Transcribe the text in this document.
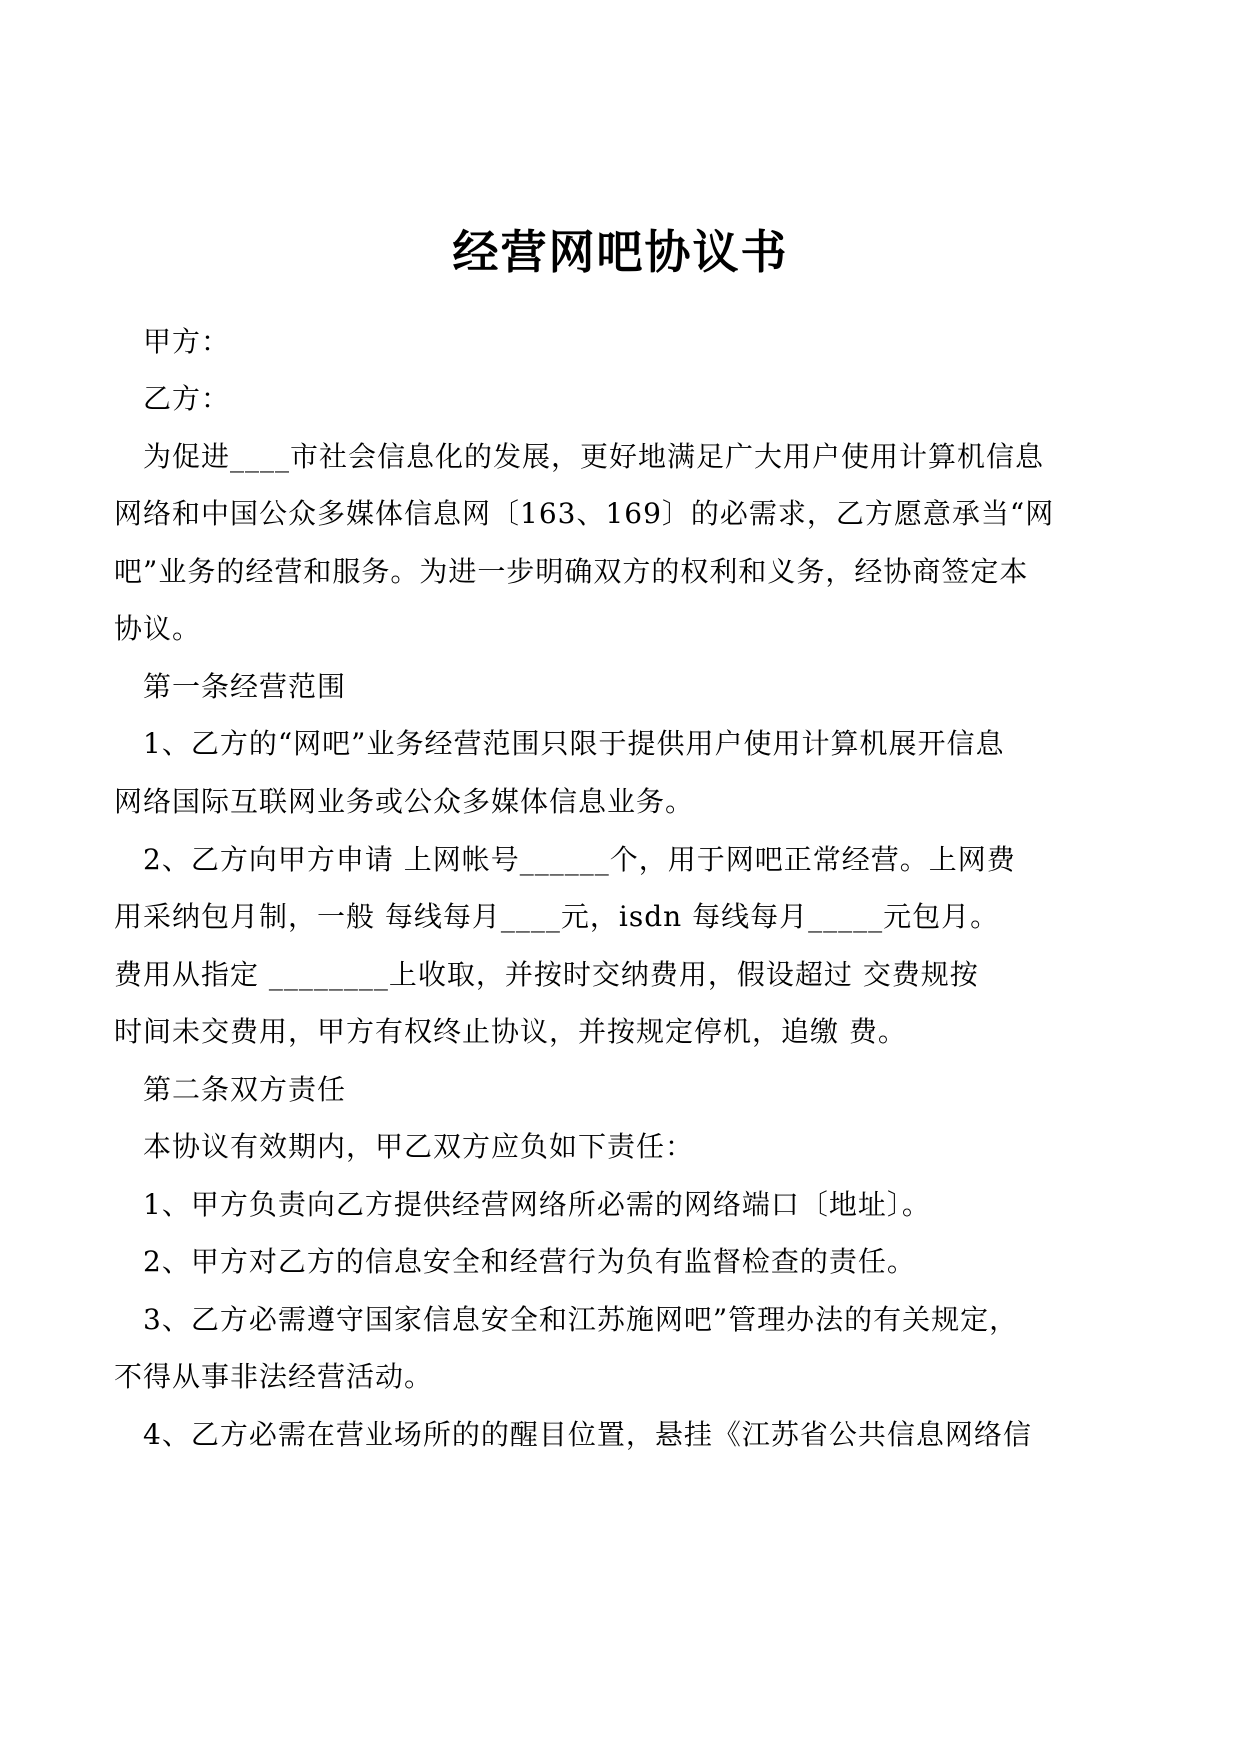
经营网吧协议书
甲方：
乙方：
为促进____市社会信息化的发展，更好地满足广大用户使用计算机信息
网络和中国公众多媒体信息网〔163、169〕的必需求，乙方愿意承当“网
吧”业务的经营和服务。为进一步明确双方的权利和义务，经协商签定本
协议。
第一条经营范围
1、乙方的“网吧”业务经营范围只限于提供用户使用计算机展开信息
网络国际互联网业务或公众多媒体信息业务。
2、乙方向甲方申请 上网帐号______个，用于网吧正常经营。上网费
用采纳包月制，一般 每线每月____元，isdn 每线每月_____元包月。
费用从指定 ________上收取，并按时交纳费用，假设超过 交费规按
时间未交费用，甲方有权终止协议，并按规定停机，追缴 费。
第二条双方责任
本协议有效期内，甲乙双方应负如下责任：
1、甲方负责向乙方提供经营网络所必需的网络端口〔地址〕。
2、甲方对乙方的信息安全和经营行为负有监督检查的责任。
3、乙方必需遵守国家信息安全和江苏施网吧”管理办法的有关规定，
不得从事非法经营活动。
4、乙方必需在营业场所的的醒目位置，悬挂《江苏省公共信息网络信
